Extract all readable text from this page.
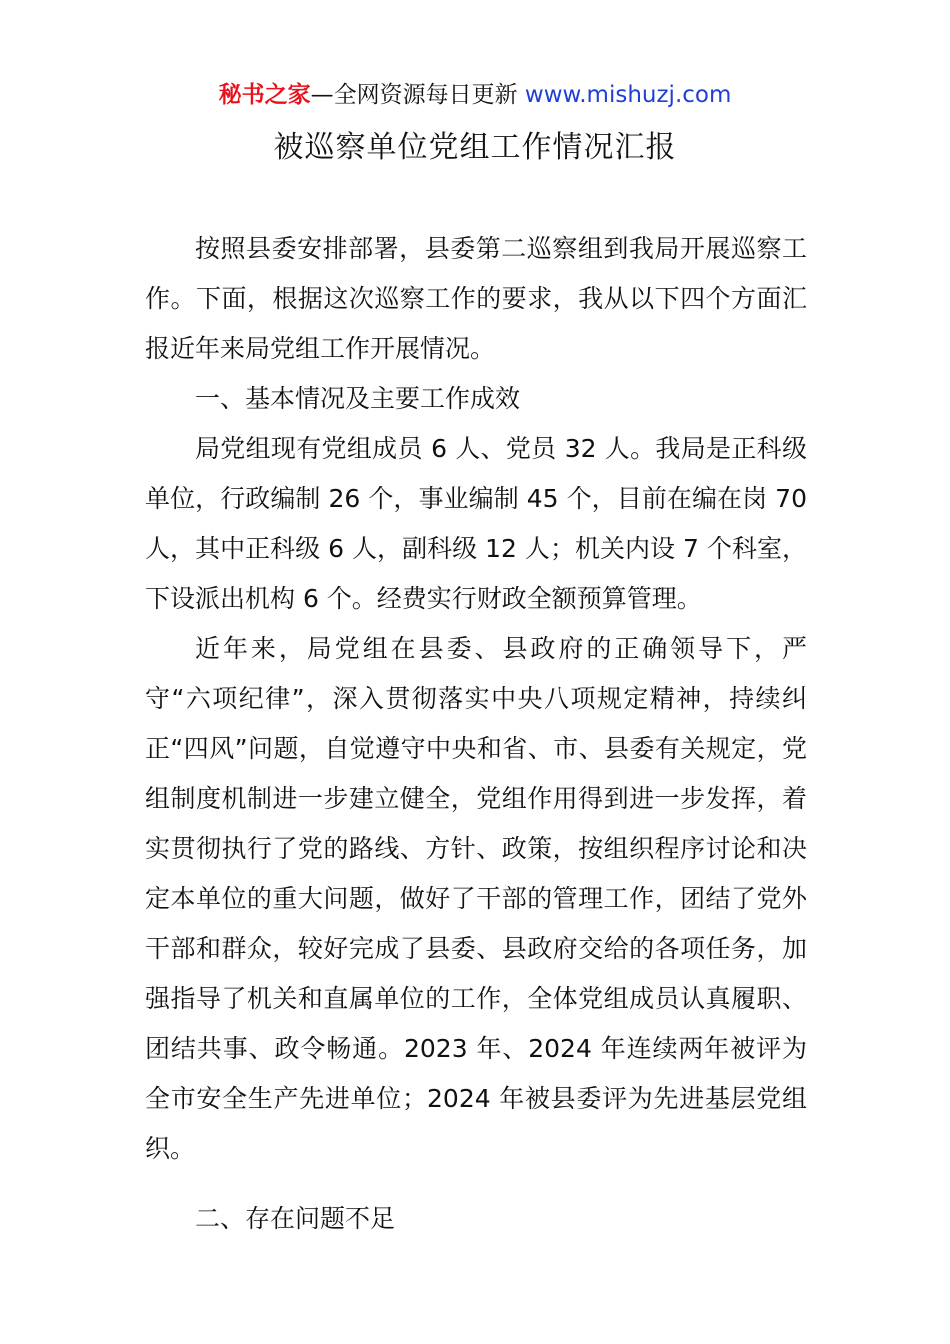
秘书之家—全网资源每日更新 www.mishuzj.com
被巡察单位党组工作情况汇报

按照县委安排部署，县委第二巡察组到我局开展巡察工作。下面，根据这次巡察工作的要求，我从以下四个方面汇报近年来局党组工作开展情况。

一、基本情况及主要工作成效

局党组现有党组成员 6 人、党员 32 人。我局是正科级单位，行政编制 26 个，事业编制 45 个，目前在编在岗 70 人，其中正科级 6 人，副科级 12 人；机关内设 7 个科室，下设派出机构 6 个。经费实行财政全额预算管理。

近年来，局党组在县委、县政府的正确领导下，严守“六项纪律”，深入贯彻落实中央八项规定精神，持续纠正“四风”问题，自觉遵守中央和省、市、县委有关规定，党组制度机制进一步建立健全，党组作用得到进一步发挥，着实贯彻执行了党的路线、方针、政策，按组织程序讨论和决定本单位的重大问题，做好了干部的管理工作，团结了党外干部和群众，较好完成了县委、县政府交给的各项任务，加强指导了机关和直属单位的工作，全体党组成员认真履职、团结共事、政令畅通。2023 年、2024 年连续两年被评为全市安全生产先进单位；2024 年被县委评为先进基层党组织。

二、存在问题不足
